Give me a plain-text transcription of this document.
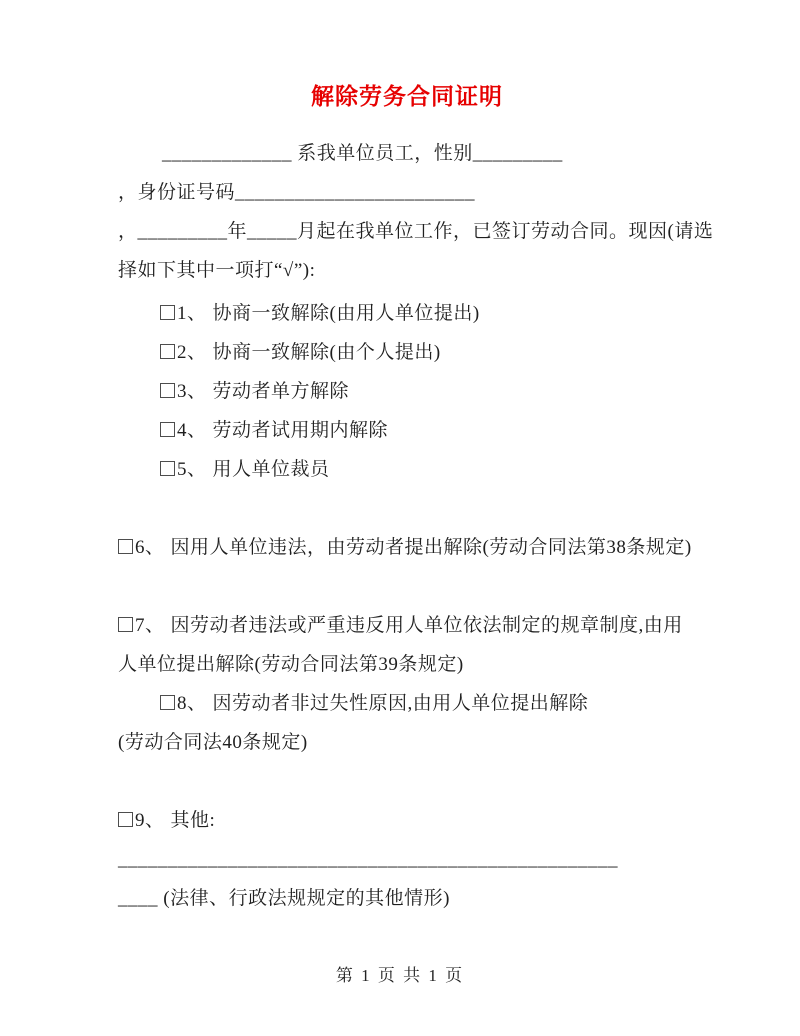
解除劳务合同证明
_____________ 系我单位员工，性别_________
，身份证号码________________________
，_________年_____月起在我单位工作，已签订劳动合同。现因(请选
择如下其中一项打“√”):
1、 协商一致解除(由用人单位提出)
2、 协商一致解除(由个人提出)
3、 劳动者单方解除
4、 劳动者试用期内解除
5、 用人单位裁员
6、 因用人单位违法，由劳动者提出解除(劳动合同法第38条规定)
7、 因劳动者违法或严重违反用人单位依法制定的规章制度,由用人单位提出解除(劳动合同法第39条规定)
8、 因劳动者非过失性原因,由用人单位提出解除
(劳动合同法40条规定)
9、 其他: __________________________________________________
____ (法律、行政法规规定的其他情形)
第 1 页 共 1 页
